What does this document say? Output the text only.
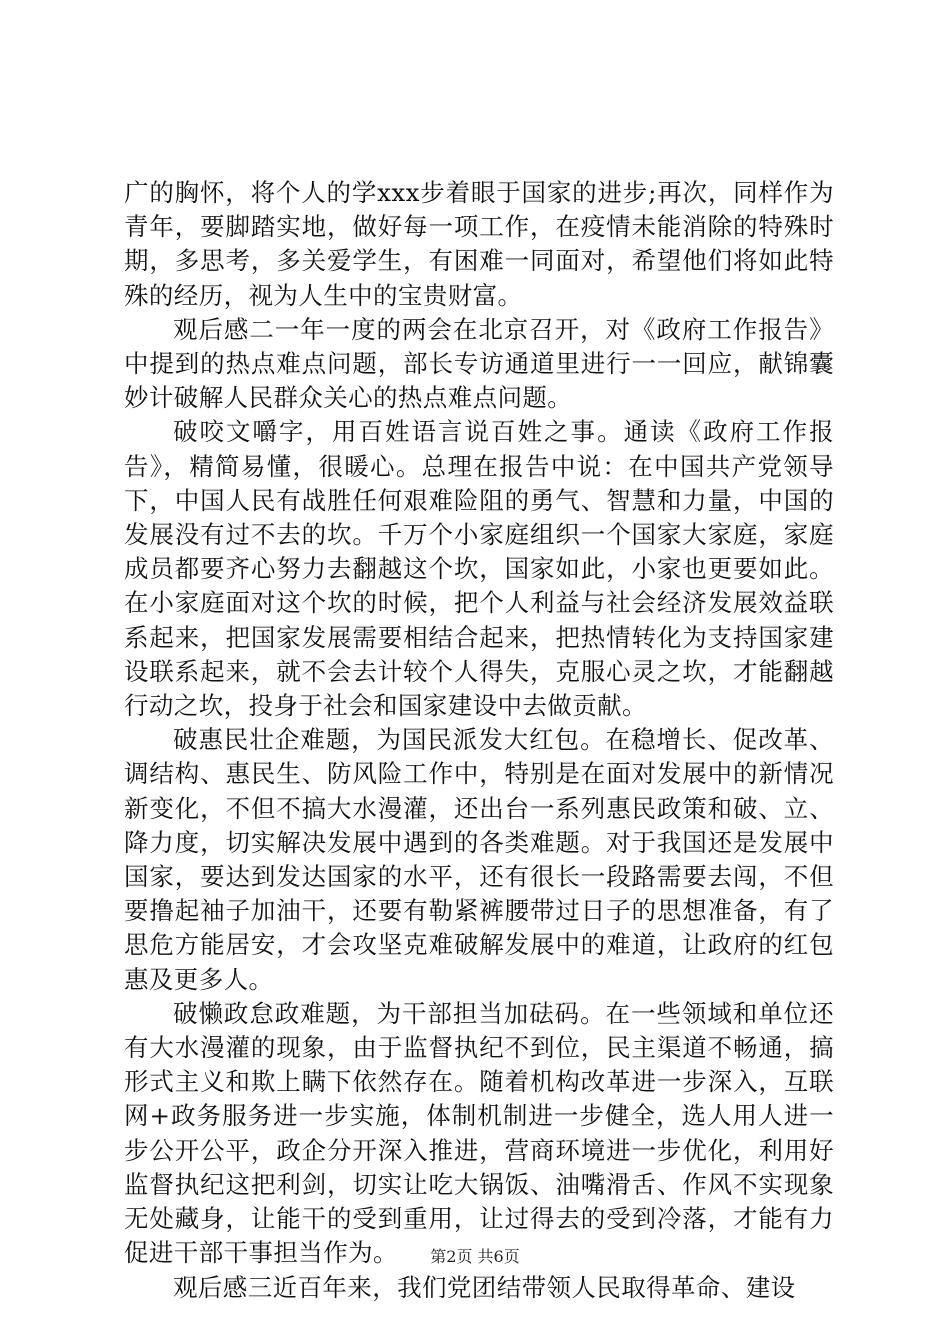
广的胸怀，将个人的学xxx步着眼于国家的进步;再次，同样作为青年，要脚踏实地，做好每一项工作，在疫情未能消除的特殊时期，多思考，多关爱学生，有困难一同面对，希望他们将如此特殊的经历，视为人生中的宝贵财富。

观后感二一年一度的两会在北京召开，对《政府工作报告》中提到的热点难点问题，部长专访通道里进行一一回应，献锦囊妙计破解人民群众关心的热点难点问题。

破咬文嚼字，用百姓语言说百姓之事。通读《政府工作报告》，精简易懂，很暖心。总理在报告中说：在中国共产党领导下，中国人民有战胜任何艰难险阻的勇气、智慧和力量，中国的发展没有过不去的坎。千万个小家庭组织一个国家大家庭，家庭成员都要齐心努力去翻越这个坎，国家如此，小家也更要如此。在小家庭面对这个坎的时候，把个人利益与社会经济发展效益联系起来，把国家发展需要相结合起来，把热情转化为支持国家建设联系起来，就不会去计较个人得失，克服心灵之坎，才能翻越行动之坎，投身于社会和国家建设中去做贡献。

破惠民壮企难题，为国民派发大红包。在稳增长、促改革、调结构、惠民生、防风险工作中，特别是在面对发展中的新情况新变化，不但不搞大水漫灌，还出台一系列惠民政策和破、立、降力度，切实解决发展中遇到的各类难题。对于我国还是发展中国家，要达到发达国家的水平，还有很长一段路需要去闯，不但要撸起袖子加油干，还要有勒紧裤腰带过日子的思想准备，有了思危方能居安，才会攻坚克难破解发展中的难道，让政府的红包惠及更多人。

破懒政怠政难题，为干部担当加砝码。在一些领域和单位还有大水漫灌的现象，由于监督执纪不到位，民主渠道不畅通，搞形式主义和欺上瞒下依然存在。随着机构改革进一步深入，互联网+政务服务进一步实施，体制机制进一步健全，选人用人进一步公开公平，政企分开深入推进，营商环境进一步优化，利用好监督执纪这把利剑，切实让吃大锅饭、油嘴滑舌、作风不实现象无处藏身，让能干的受到重用，让过得去的受到冷落，才能有力促进干部干事担当作为。

观后感三近百年来，我们党团结带领人民取得革命、建设

第2页 共6页
